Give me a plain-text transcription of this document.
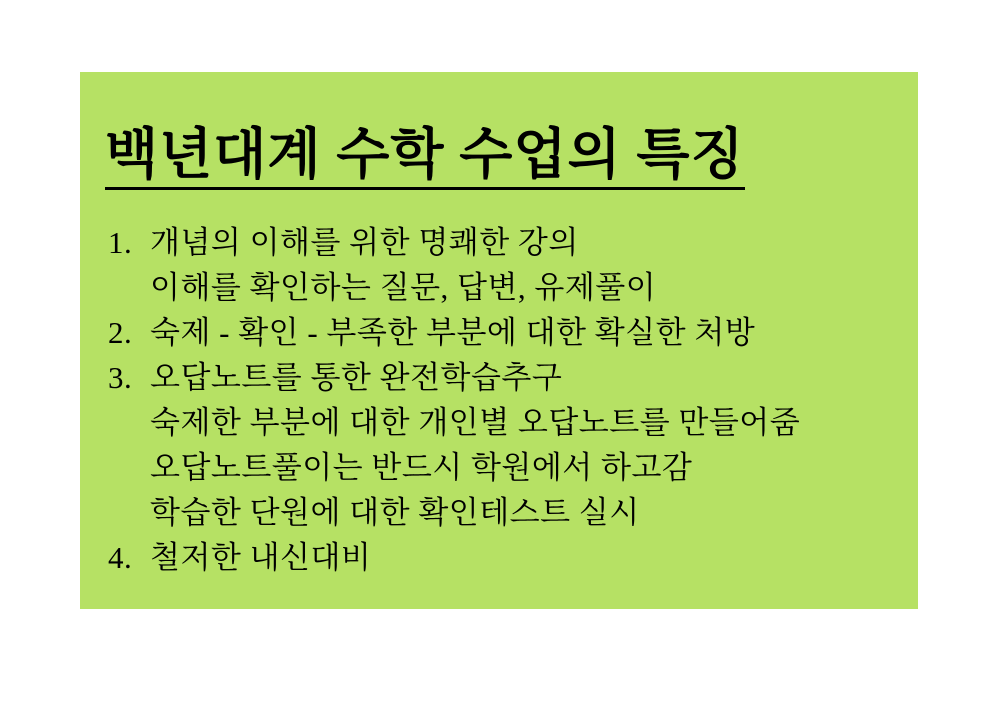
백년대계 수학 수업의 특징
1. 개념의 이해를 위한 명쾌한 강의
이해를 확인하는 질문, 답변, 유제풀이
2. 숙제 - 확인 - 부족한 부분에 대한 확실한 처방
3. 오답노트를 통한 완전학습추구
숙제한 부분에 대한 개인별 오답노트를 만들어줌
오답노트풀이는 반드시 학원에서 하고감
학습한 단원에 대한 확인테스트 실시
4. 철저한 내신대비
